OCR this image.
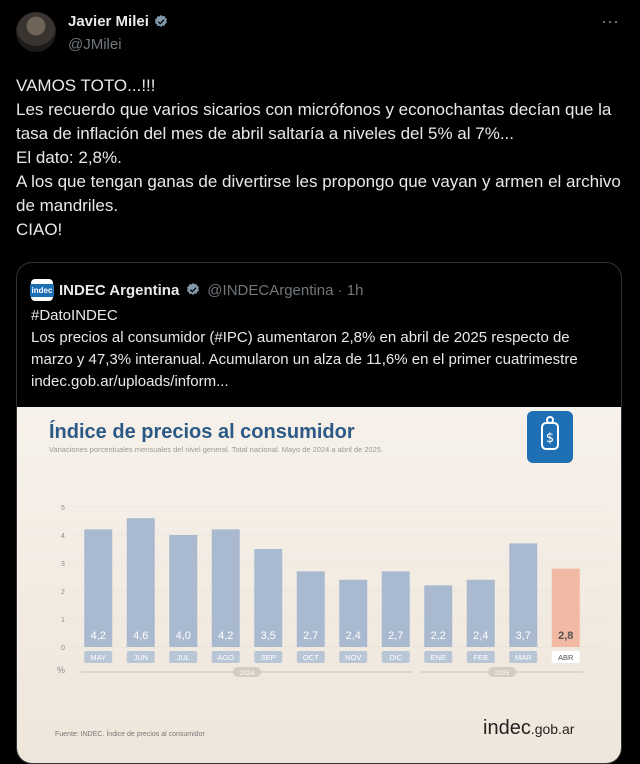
Javier Milei
@JMilei
⋯
VAMOS TOTO...!!!
Les recuerdo que varios sicarios con micrófonos y econochantas decían que la tasa de inflación del mes de abril saltaría a niveles del 5% al 7%...
El dato: 2,8%.
A los que tengan ganas de divertirse les propongo que vayan y armen el archivo de mandriles.
CIAO!
indec INDEC Argentina @INDECArgentina · 1h
#DatoINDEC
Los precios al consumidor (#IPC) aumentaron 2,8% en abril de 2025 respecto de marzo y 47,3% interanual. Acumularon un alza de 11,6% en el primer cuatrimestre indec.gob.ar/uploads/inform...
Índice de precios al consumidor
Variaciones porcentuales mensuales del nivel general. Total nacional. Mayo de 2024 a abril de 2025.
$
0
1
2
3
4
5
%
4,2
MAY
4,6
JUN
4,0
JUL
4,2
AGO
3,5
SEP
2,7
OCT
2,4
NOV
2,7
DIC
2,2
ENE
2,4
FEB
3,7
MAR
2,8
ABR
2024	2025
Fuente: INDEC. Índice de precios al consumidor	indec.gob.ar
